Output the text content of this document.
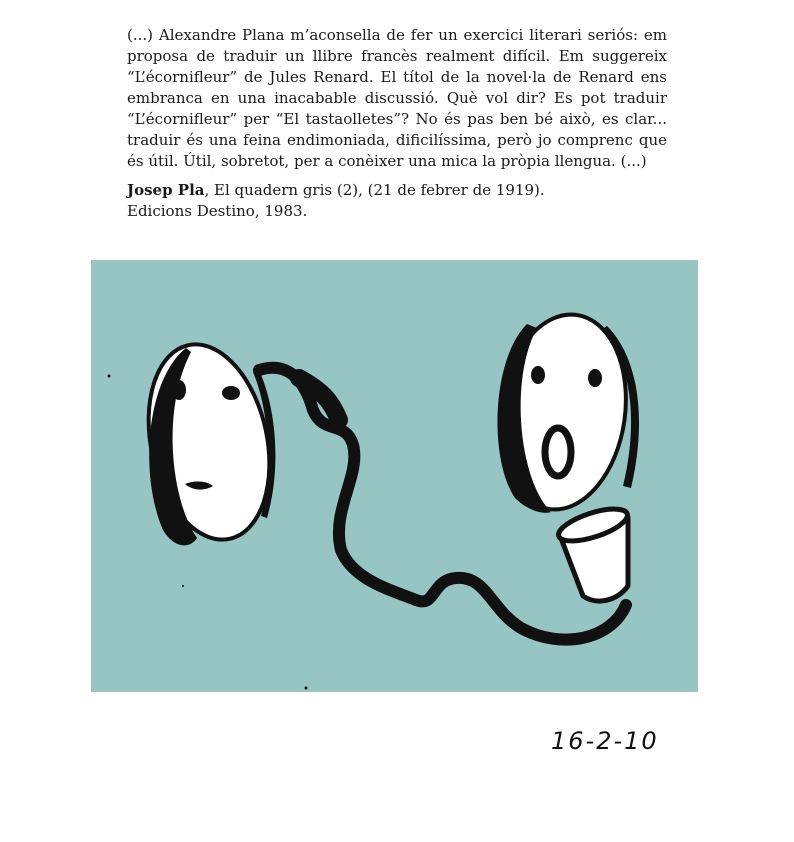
(...) Alexandre Plana m’aconsella de fer un exercici literari seriós: em proposa de traduir un llibre francès realment difícil. Em suggereix “L’écornifleur” de Jules Renard. El títol de la novel·la de Renard ens embranca en una inacabable discussió. Què vol dir? Es pot traduir “L’écornifleur” per “El tastaolletes”? No és pas ben bé això, es clar... traduir és una feina endimoniada, dificilíssima, però jo comprenc que és útil. Útil, sobretot, per a conèixer una mica la pròpia llengua. (...)

Josep Pla, El quadern gris (2), (21 de febrer de 1919).
Edicions Destino, 1983.
16-2-10
